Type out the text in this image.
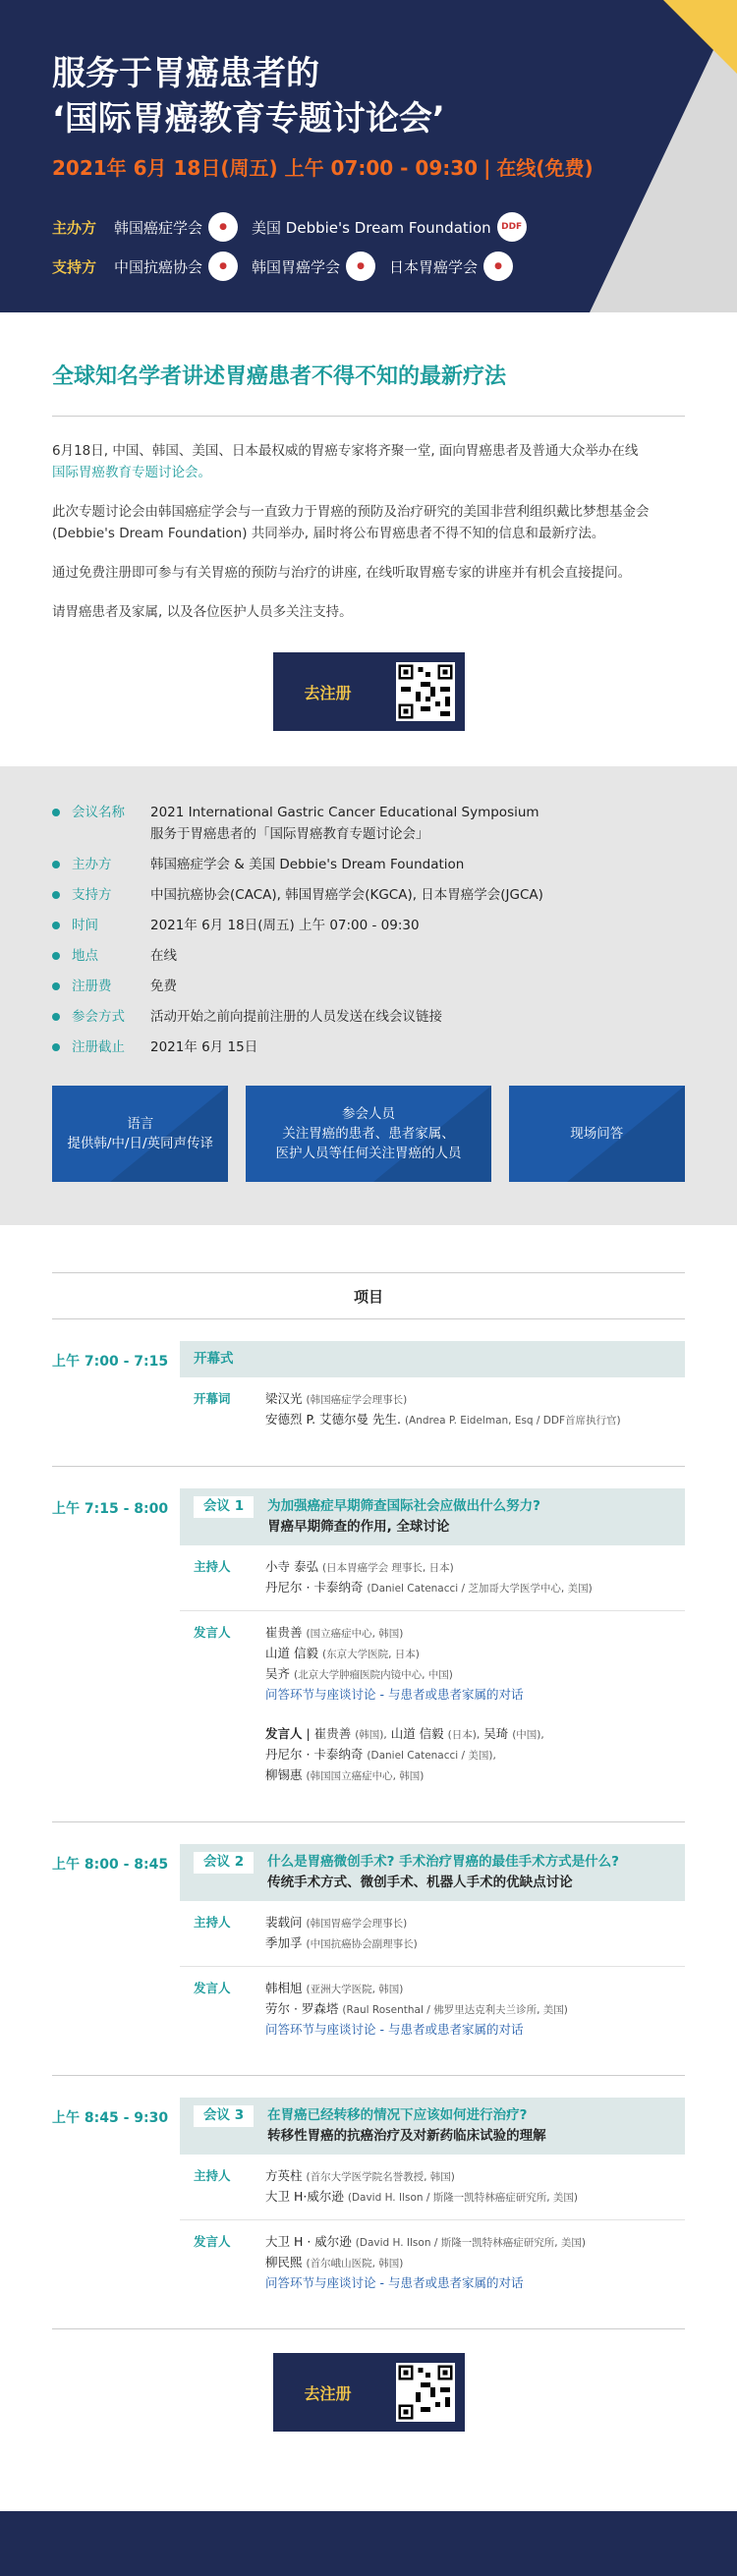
服务于胃癌患者的
‘国际胃癌教育专题讨论会’
2021年 6月 18日(周五) 上午 07:00 - 09:30 | 在线(免费)
主办方	韩国癌症学会	●	美国 Debbie's Dream Foundation	DDF
支持方	中国抗癌协会	●	韩国胃癌学会	●	日本胃癌学会	●
全球知名学者讲述胃癌患者不得不知的最新疗法

6月18日, 中国、韩国、美国、日本最权威的胃癌专家将齐聚一堂, 面向胃癌患者及普通大众举办在线
国际胃癌教育专题讨论会。

此次专题讨论会由韩国癌症学会与一直致力于胃癌的预防及治疗研究的美国非营利组织戴比梦想基金会 (Debbie's Dream Foundation) 共同举办, 届时将公布胃癌患者不得不知的信息和最新疗法。

通过免费注册即可参与有关胃癌的预防与治疗的讲座, 在线听取胃癌专家的讲座并有机会直接提问。

请胃癌患者及家属, 以及各位医护人员多关注支持。

去注册
会议名称	2021 International Gastric Cancer Educational Symposium
服务于胃癌患者的「国际胃癌教育专题讨论会」
主办方	韩国癌症学会 & 美国 Debbie's Dream Foundation
支持方	中国抗癌协会(CACA), 韩国胃癌学会(KGCA), 日本胃癌学会(JGCA)
时间	2021年 6月 18日(周五) 上午 07:00 - 09:30
地点	在线
注册费	免费
参会方式	活动开始之前向提前注册的人员发送在线会议链接
注册截止	2021年 6月 15日
语言
提供韩/中/日/英同声传译
参会人员
关注胃癌的患者、患者家属、
医护人员等任何关注胃癌的人员
现场问答
项目
上午 7:00 - 7:15	开幕式
开幕词	梁汉光 (韩国癌症学会理事长)
安德烈 P. 艾德尔曼 先生. (Andrea P. Eidelman, Esq / DDF首席执行官)
上午 7:15 - 8:00	会议 1	为加强癌症早期筛查国际社会应做出什么努力?
胃癌早期筛查的作用, 全球讨论
主持人	小寺 泰弘 (日本胃癌学会 理事长, 日本)
丹尼尔 · 卡泰纳奇 (Daniel Catenacci / 芝加哥大学医学中心, 美国)
发言人	崔贵善 (国立癌症中心, 韩国)
山道 信毅 (东京大学医院, 日本)
吴齐 (北京大学肿瘤医院内镜中心, 中国)
问答环节与座谈讨论 - 与患者或患者家属的对话

发言人 | 崔贵善 (韩国), 山道 信毅 (日本), 吴琦 (中国),
丹尼尔 · 卡泰纳奇 (Daniel Catenacci / 美国),
柳锡惠 (韩国国立癌症中心, 韩国)
上午 8:00 - 8:45	会议 2	什么是胃癌微创手术? 手术治疗胃癌的最佳手术方式是什么?
传统手术方式、微创手术、机器人手术的优缺点讨论
主持人	裴载问 (韩国胃癌学会理事长)
季加孚 (中国抗癌协会副理事长)
发言人	韩相旭 (亚洲大学医院, 韩国)
劳尔 · 罗森塔 (Raul Rosenthal / 佛罗里达克利夫兰诊所, 美国)
问答环节与座谈讨论 - 与患者或患者家属的对话
上午 8:45 - 9:30	会议 3	在胃癌已经转移的情况下应该如何进行治疗?
转移性胃癌的抗癌治疗及对新药临床试验的理解
主持人	方英柱 (首尔大学医学院名誉教授, 韩国)
大卫 H·威尔逊 (David H. Ilson / 斯隆一凯特林癌症研究所, 美国)
发言人	大卫 H · 威尔逊 (David H. Ilson / 斯隆一凯特林癌症研究所, 美国)
柳民熙 (首尔峨山医院, 韩国)
问答环节与座谈讨论 - 与患者或患者家属的对话
去注册
